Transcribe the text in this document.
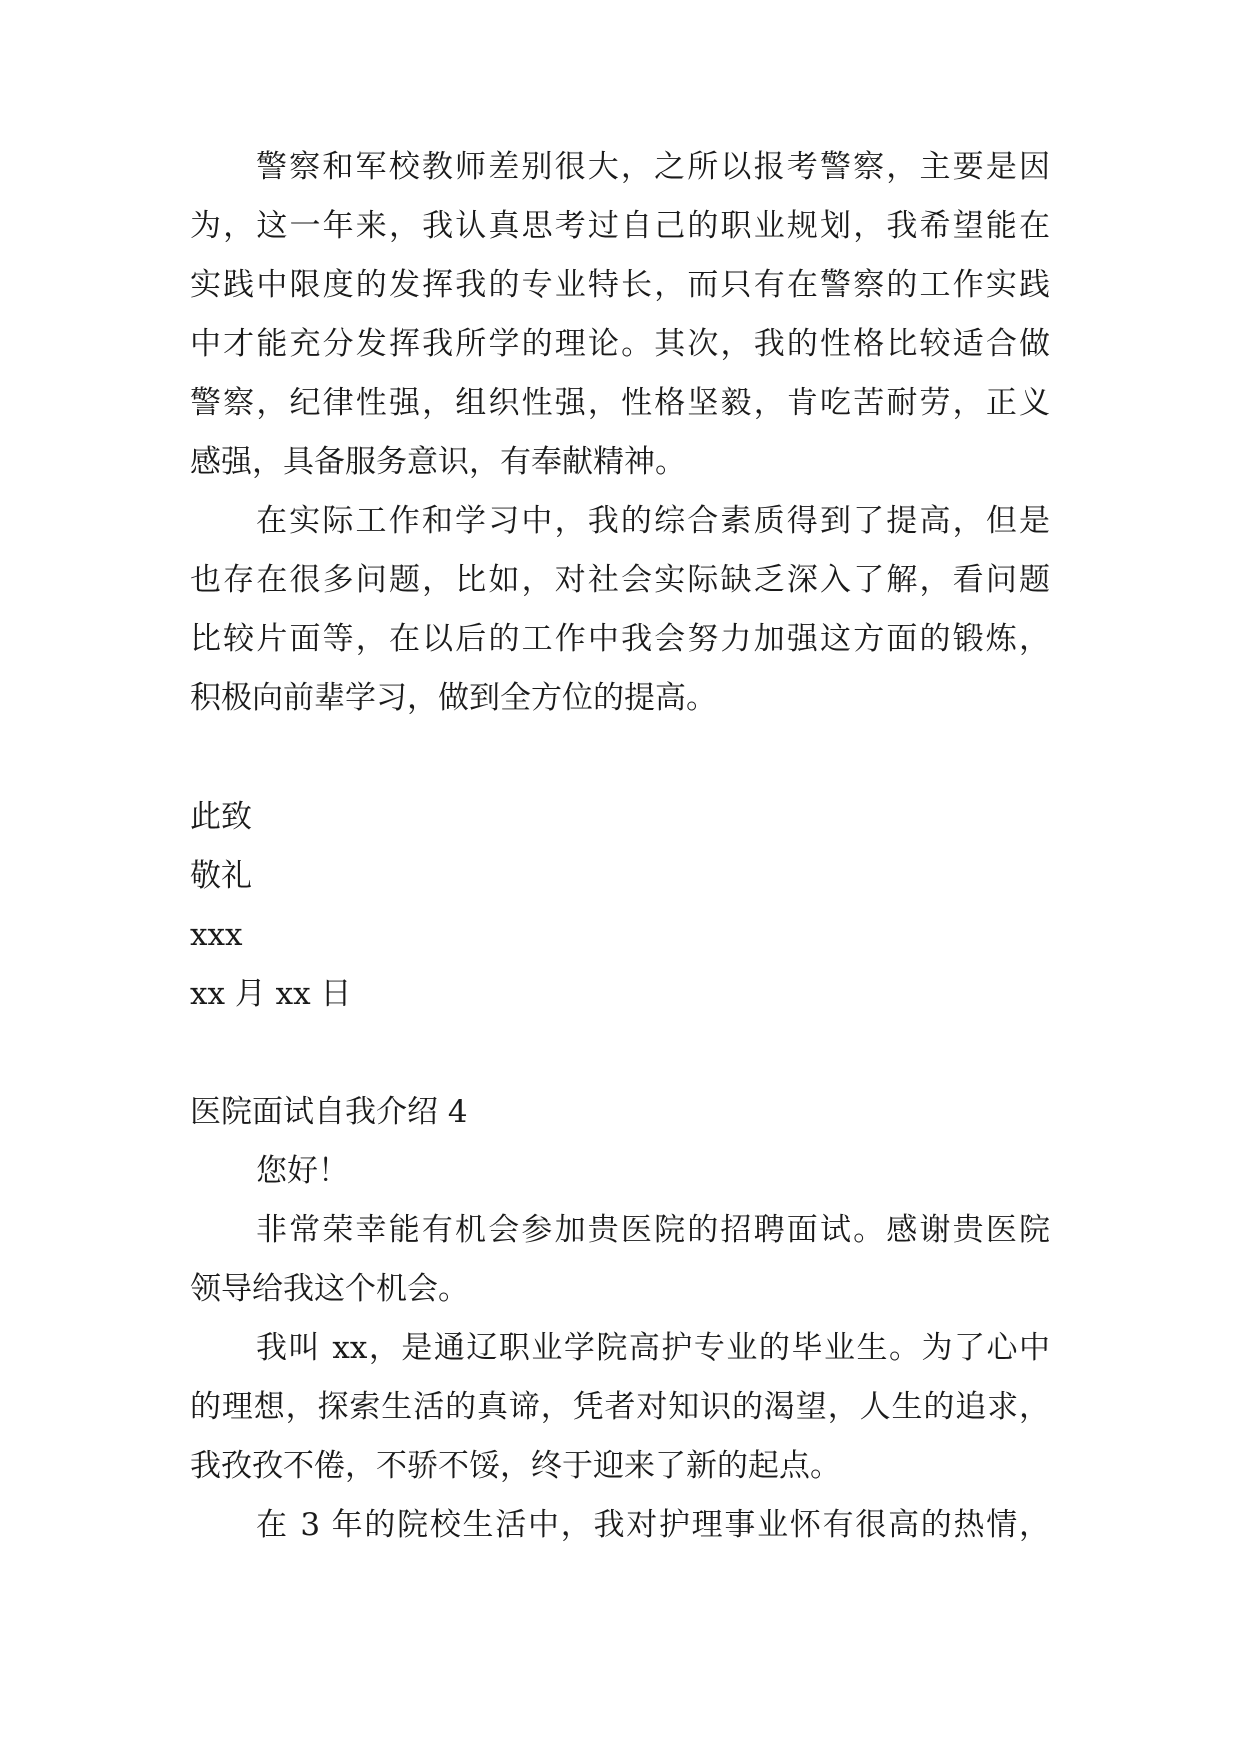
警察和军校教师差别很大，之所以报考警察，主要是因
为，这一年来，我认真思考过自己的职业规划，我希望能在
实践中限度的发挥我的专业特长，而只有在警察的工作实践
中才能充分发挥我所学的理论。其次，我的性格比较适合做
警察，纪律性强，组织性强，性格坚毅，肯吃苦耐劳，正义
感强，具备服务意识，有奉献精神。
在实际工作和学习中，我的综合素质得到了提高，但是
也存在很多问题，比如，对社会实际缺乏深入了解，看问题
比较片面等，在以后的工作中我会努力加强这方面的锻炼，
积极向前辈学习，做到全方位的提高。
此致
敬礼
xxx
xx 月 xx 日
医院面试自我介绍 4
您好！
非常荣幸能有机会参加贵医院的招聘面试。感谢贵医院
领导给我这个机会。
我叫 xx，是通辽职业学院高护专业的毕业生。为了心中
的理想，探索生活的真谛，凭者对知识的渴望，人生的追求，
我孜孜不倦，不骄不馁，终于迎来了新的起点。
在 3 年的院校生活中，我对护理事业怀有很高的热情，
